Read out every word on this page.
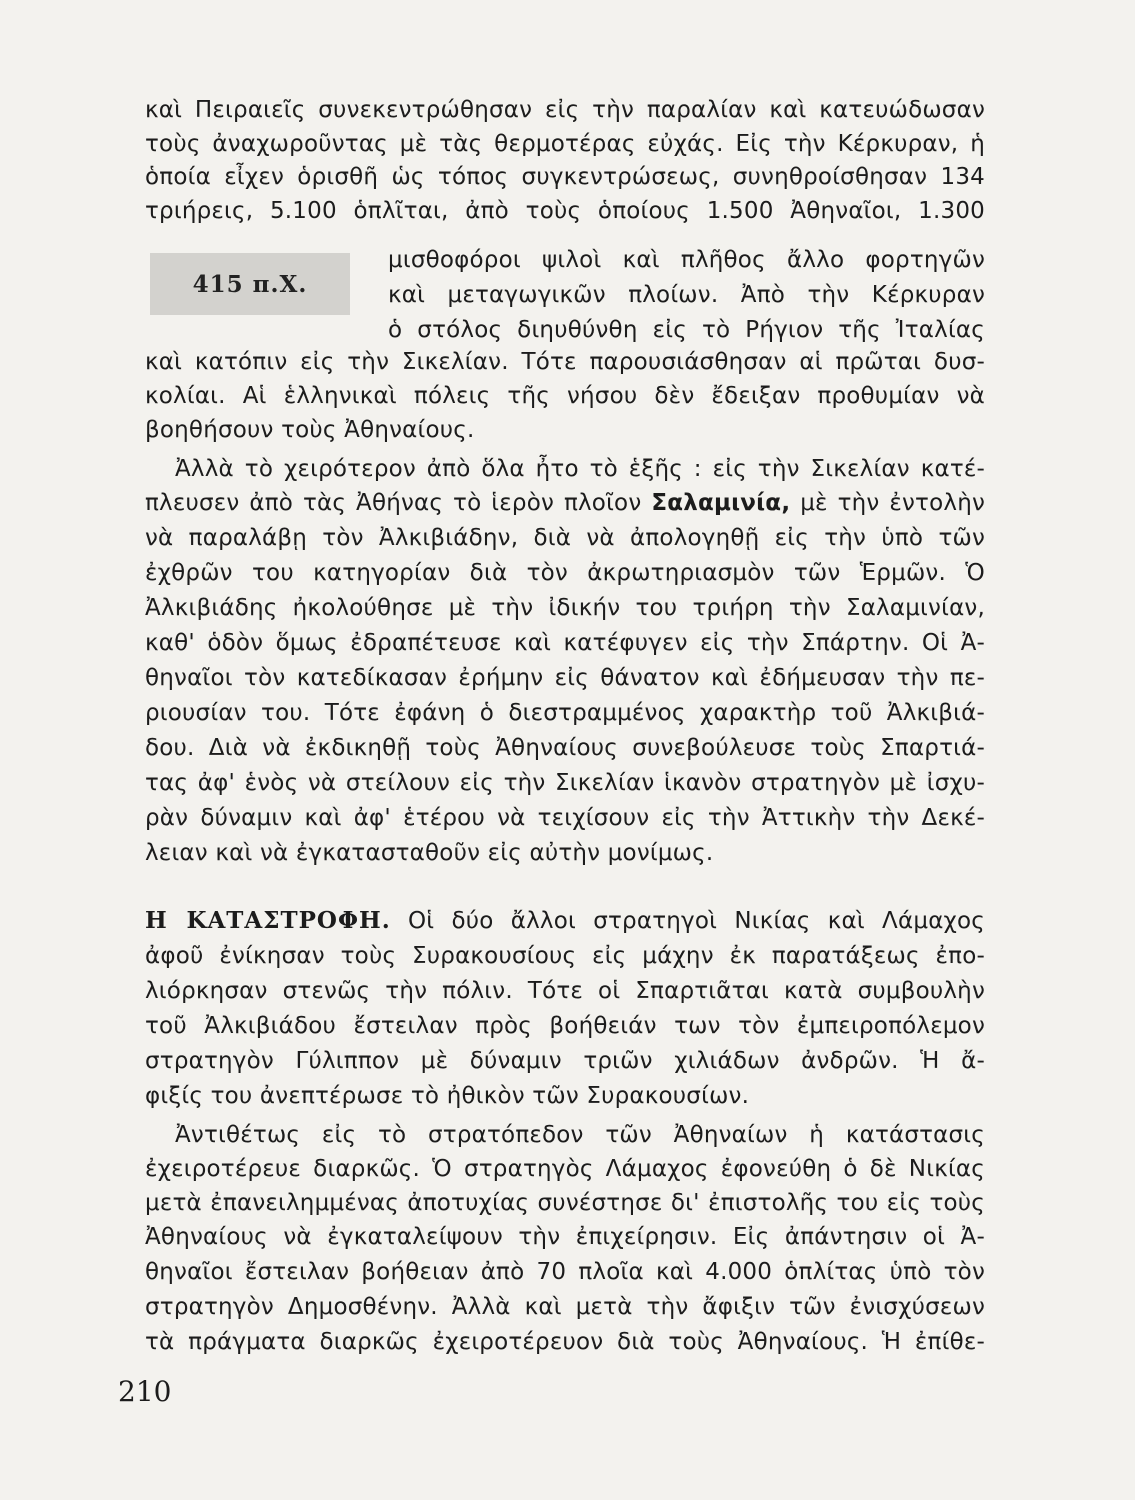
415 π.Χ.
καὶ Πειραιεῖς συνεκεντρώθησαν εἰς τὴν παραλίαν καὶ κατευώδωσαν
τοὺς ἀναχωροῦντας μὲ τὰς θερμοτέρας εὐχάς. Εἰς τὴν Κέρκυραν, ἡ
ὁποία εἶχεν ὁρισθῆ ὡς τόπος συγκεντρώσεως, συνηθροίσθησαν 134
τριήρεις, 5.100 ὁπλῖται, ἀπὸ τοὺς ὁποίους 1.500 Ἀθηναῖοι, 1.300
μισθοφόροι ψιλοὶ καὶ πλῆθος ἄλλο φορτηγῶν
καὶ μεταγωγικῶν πλοίων. Ἀπὸ τὴν Κέρκυραν
ὁ στόλος διηυθύνθη εἰς τὸ Ρήγιον τῆς Ἰταλίας
καὶ κατόπιν εἰς τὴν Σικελίαν. Τότε παρουσιάσθησαν αἱ πρῶται δυσ-
κολίαι. Αἱ ἑλληνικαὶ πόλεις τῆς νήσου δὲν ἔδειξαν προθυμίαν νὰ
βοηθήσουν τοὺς Ἀθηναίους.
Ἀλλὰ τὸ χειρότερον ἀπὸ ὅλα ἦτο τὸ ἑξῆς : εἰς τὴν Σικελίαν κατέ-
πλευσεν ἀπὸ τὰς Ἀθήνας τὸ ἱερὸν πλοῖον Σαλαμινία, μὲ τὴν ἐντολὴν
νὰ παραλάβῃ τὸν Ἀλκιβιάδην, διὰ νὰ ἀπολογηθῇ εἰς τὴν ὑπὸ τῶν
ἐχθρῶν του κατηγορίαν διὰ τὸν ἀκρωτηριασμὸν τῶν Ἑρμῶν. Ὁ
Ἀλκιβιάδης ἠκολούθησε μὲ τὴν ἰδικήν του τριήρη τὴν Σαλαμινίαν,
καθ' ὁδὸν ὅμως ἐδραπέτευσε καὶ κατέφυγεν εἰς τὴν Σπάρτην. Οἱ Ἀ-
θηναῖοι τὸν κατεδίκασαν ἐρήμην εἰς θάνατον καὶ ἐδήμευσαν τὴν πε-
ριουσίαν του. Τότε ἐφάνη ὁ διεστραμμένος χαρακτὴρ τοῦ Ἀλκιβιά-
δου. Διὰ νὰ ἐκδικηθῇ τοὺς Ἀθηναίους συνεβούλευσε τοὺς Σπαρτιά-
τας ἀφ' ἑνὸς νὰ στείλουν εἰς τὴν Σικελίαν ἱκανὸν στρατηγὸν μὲ ἰσχυ-
ρὰν δύναμιν καὶ ἀφ' ἑτέρου νὰ τειχίσουν εἰς τὴν Ἀττικὴν τὴν Δεκέ-
λειαν καὶ νὰ ἐγκατασταθοῦν εἰς αὐτὴν μονίμως.
Η ΚΑΤΑΣΤΡΟΦΗ. Οἱ δύο ἄλλοι στρατηγοὶ Νικίας καὶ Λάμαχος
ἀφοῦ ἐνίκησαν τοὺς Συρακουσίους εἰς μάχην ἐκ παρατάξεως ἐπο-
λιόρκησαν στενῶς τὴν πόλιν. Τότε οἱ Σπαρτιᾶται κατὰ συμβουλὴν
τοῦ Ἀλκιβιάδου ἔστειλαν πρὸς βοήθειάν των τὸν ἐμπειροπόλεμον
στρατηγὸν Γύλιππον μὲ δύναμιν τριῶν χιλιάδων ἀνδρῶν. Ἡ ἄ-
φιξίς του ἀνεπτέρωσε τὸ ἠθικὸν τῶν Συρακουσίων.
Ἀντιθέτως εἰς τὸ στρατόπεδον τῶν Ἀθηναίων ἡ κατάστασις
ἐχειροτέρευε διαρκῶς. Ὁ στρατηγὸς Λάμαχος ἐφονεύθη ὁ δὲ Νικίας
μετὰ ἐπανειλημμένας ἀποτυχίας συνέστησε δι' ἐπιστολῆς του εἰς τοὺς
Ἀθηναίους νὰ ἐγκαταλείψουν τὴν ἐπιχείρησιν. Εἰς ἀπάντησιν οἱ Ἀ-
θηναῖοι ἔστειλαν βοήθειαν ἀπὸ 70 πλοῖα καὶ 4.000 ὁπλίτας ὑπὸ τὸν
στρατηγὸν Δημοσθένην. Ἀλλὰ καὶ μετὰ τὴν ἄφιξιν τῶν ἐνισχύσεων
τὰ πράγματα διαρκῶς ἐχειροτέρευον διὰ τοὺς Ἀθηναίους. Ἡ ἐπίθε-
210
